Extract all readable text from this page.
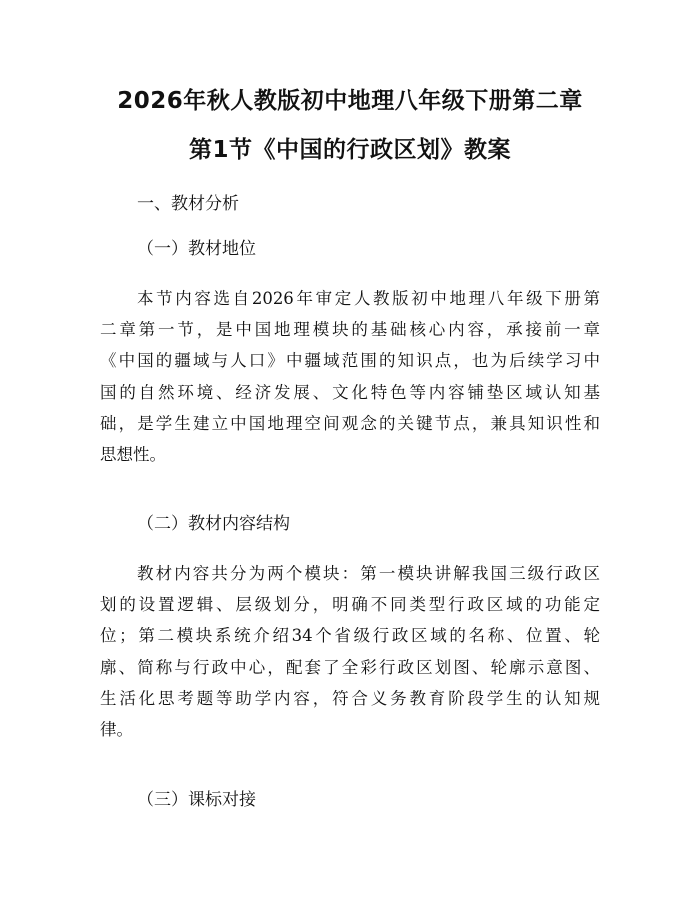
2026年秋人教版初中地理八年级下册第二章
第1节《中国的行政区划》教案
一、教材分析
（一）教材地位
本节内容选自2026年审定人教版初中地理八年级下册第
二章第一节，是中国地理模块的基础核心内容，承接前一章
《中国的疆域与人口》中疆域范围的知识点，也为后续学习中
国的自然环境、经济发展、文化特色等内容铺垫区域认知基
础，是学生建立中国地理空间观念的关键节点，兼具知识性和
思想性。
（二）教材内容结构
教材内容共分为两个模块：第一模块讲解我国三级行政区
划的设置逻辑、层级划分，明确不同类型行政区域的功能定
位；第二模块系统介绍34个省级行政区域的名称、位置、轮
廓、简称与行政中心，配套了全彩行政区划图、轮廓示意图、
生活化思考题等助学内容，符合义务教育阶段学生的认知规
律。
（三）课标对接
